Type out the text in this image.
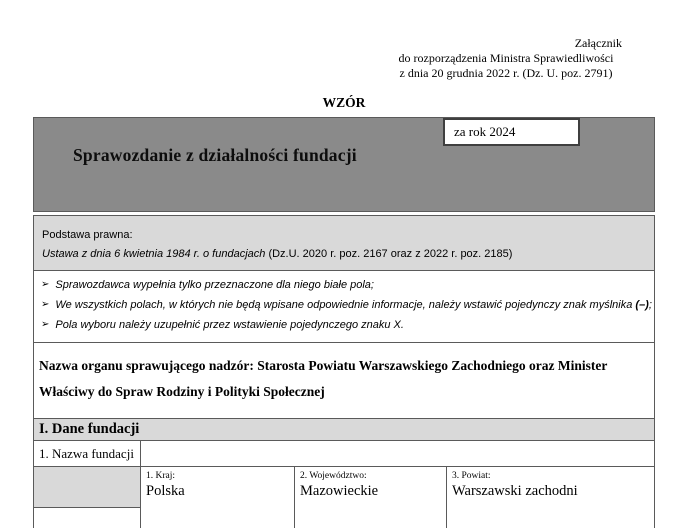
Załącznik
do rozporządzenia Ministra Sprawiedliwości
z dnia 20 grudnia 2022 r. (Dz. U. poz. 2791)
WZÓR
za rok 2024
Sprawozdanie z działalności fundacji
Podstawa prawna:
Ustawa z dnia 6 kwietnia 1984 r. o fundacjach (Dz.U. 2020 r. poz. 2167 oraz z 2022 r. poz. 2185)
➢ Sprawozdawca wypełnia tylko przeznaczone dla niego białe pola;
➢ We wszystkich polach, w których nie będą wpisane odpowiednie informacje, należy wstawić pojedynczy znak myślnika (–);
➢ Pola wyboru należy uzupełnić przez wstawienie pojedynczego znaku X.
Nazwa organu sprawującego nadzór: Starosta Powiatu Warszawskiego Zachodniego oraz Minister
Właściwy do Spraw Rodziny i Polityki Społecznej
I. Dane fundacji
1. Nazwa fundacji
1. Kraj:
Polska
2. Województwo:
Mazowieckie
3. Powiat:
Warszawski zachodni
